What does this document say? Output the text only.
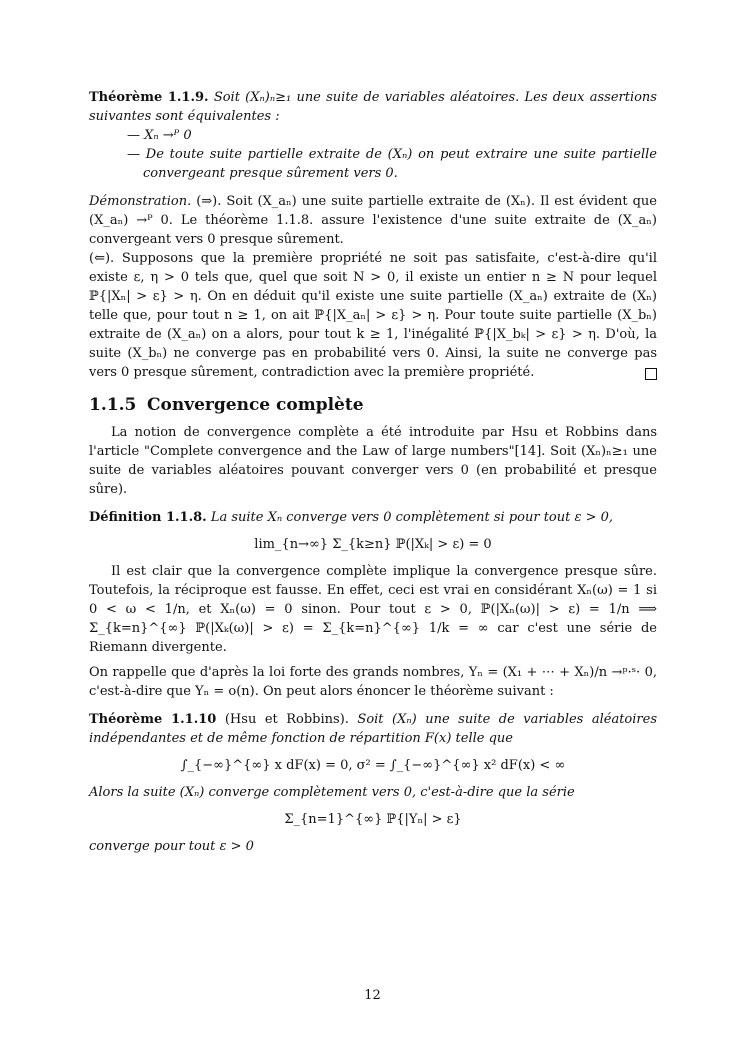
Théorème 1.1.9. Soit (Xₙ)ₙ≥₁ une suite de variables aléatoires. Les deux assertions suivantes sont équivalentes :

— Xₙ →ᴾ 0

— De toute suite partielle extraite de (Xₙ) on peut extraire une suite partielle convergeant presque sûrement vers 0.

Démonstration. (⇒). Soit (X_aₙ) une suite partielle extraite de (Xₙ). Il est évident que (X_aₙ) →ᴾ 0. Le théorème 1.1.8. assure l'existence d'une suite extraite de (X_aₙ) convergeant vers 0 presque sûrement.

(⇐). Supposons que la première propriété ne soit pas satisfaite, c'est-à-dire qu'il existe ε, η > 0 tels que, quel que soit N > 0, il existe un entier n ≥ N pour lequel ℙ{|Xₙ| > ε} > η. On en déduit qu'il existe une suite partielle (X_aₙ) extraite de (Xₙ) telle que, pour tout n ≥ 1, on ait ℙ{|X_aₙ| > ε} > η. Pour toute suite partielle (X_bₙ) extraite de (X_aₙ) on a alors, pour tout k ≥ 1, l'inégalité ℙ{|X_bₖ| > ε} > η. D'où, la suite (X_bₙ) ne converge pas en probabilité vers 0. Ainsi, la suite ne converge pas vers 0 presque sûrement, contradiction avec la première propriété.

1.1.5 Convergence complète

La notion de convergence complète a été introduite par Hsu et Robbins dans l'article "Complete convergence and the Law of large numbers"[14]. Soit (Xₙ)ₙ≥₁ une suite de variables aléatoires pouvant converger vers 0 (en probabilité et presque sûre).

Définition 1.1.8. La suite Xₙ converge vers 0 complètement si pour tout ε > 0,

lim_{n→∞} Σ_{k≥n} ℙ(|Xₖ| > ε) = 0

Il est clair que la convergence complète implique la convergence presque sûre. Toutefois, la réciproque est fausse. En effet, ceci est vrai en considérant Xₙ(ω) = 1 si 0 < ω < 1/n, et Xₙ(ω) = 0 sinon. Pour tout ε > 0, ℙ(|Xₙ(ω)| > ε) = 1/n ⟹ Σ_{k=n}^{∞} ℙ(|Xₖ(ω)| > ε) = Σ_{k=n}^{∞} 1/k = ∞ car c'est une série de Riemann divergente.

On rappelle que d'après la loi forte des grands nombres, Yₙ = (X₁ + ⋯ + Xₙ)/n →ᵖ·ˢ· 0, c'est-à-dire que Yₙ = o(n). On peut alors énoncer le théorème suivant :

Théorème 1.1.10 (Hsu et Robbins). Soit (Xₙ) une suite de variables aléatoires indépendantes et de même fonction de répartition F(x) telle que

∫_{−∞}^{∞} x dF(x) = 0, σ² = ∫_{−∞}^{∞} x² dF(x) < ∞

Alors la suite (Xₙ) converge complètement vers 0, c'est-à-dire que la série

Σ_{n=1}^{∞} ℙ{|Yₙ| > ε}

converge pour tout ε > 0

12
